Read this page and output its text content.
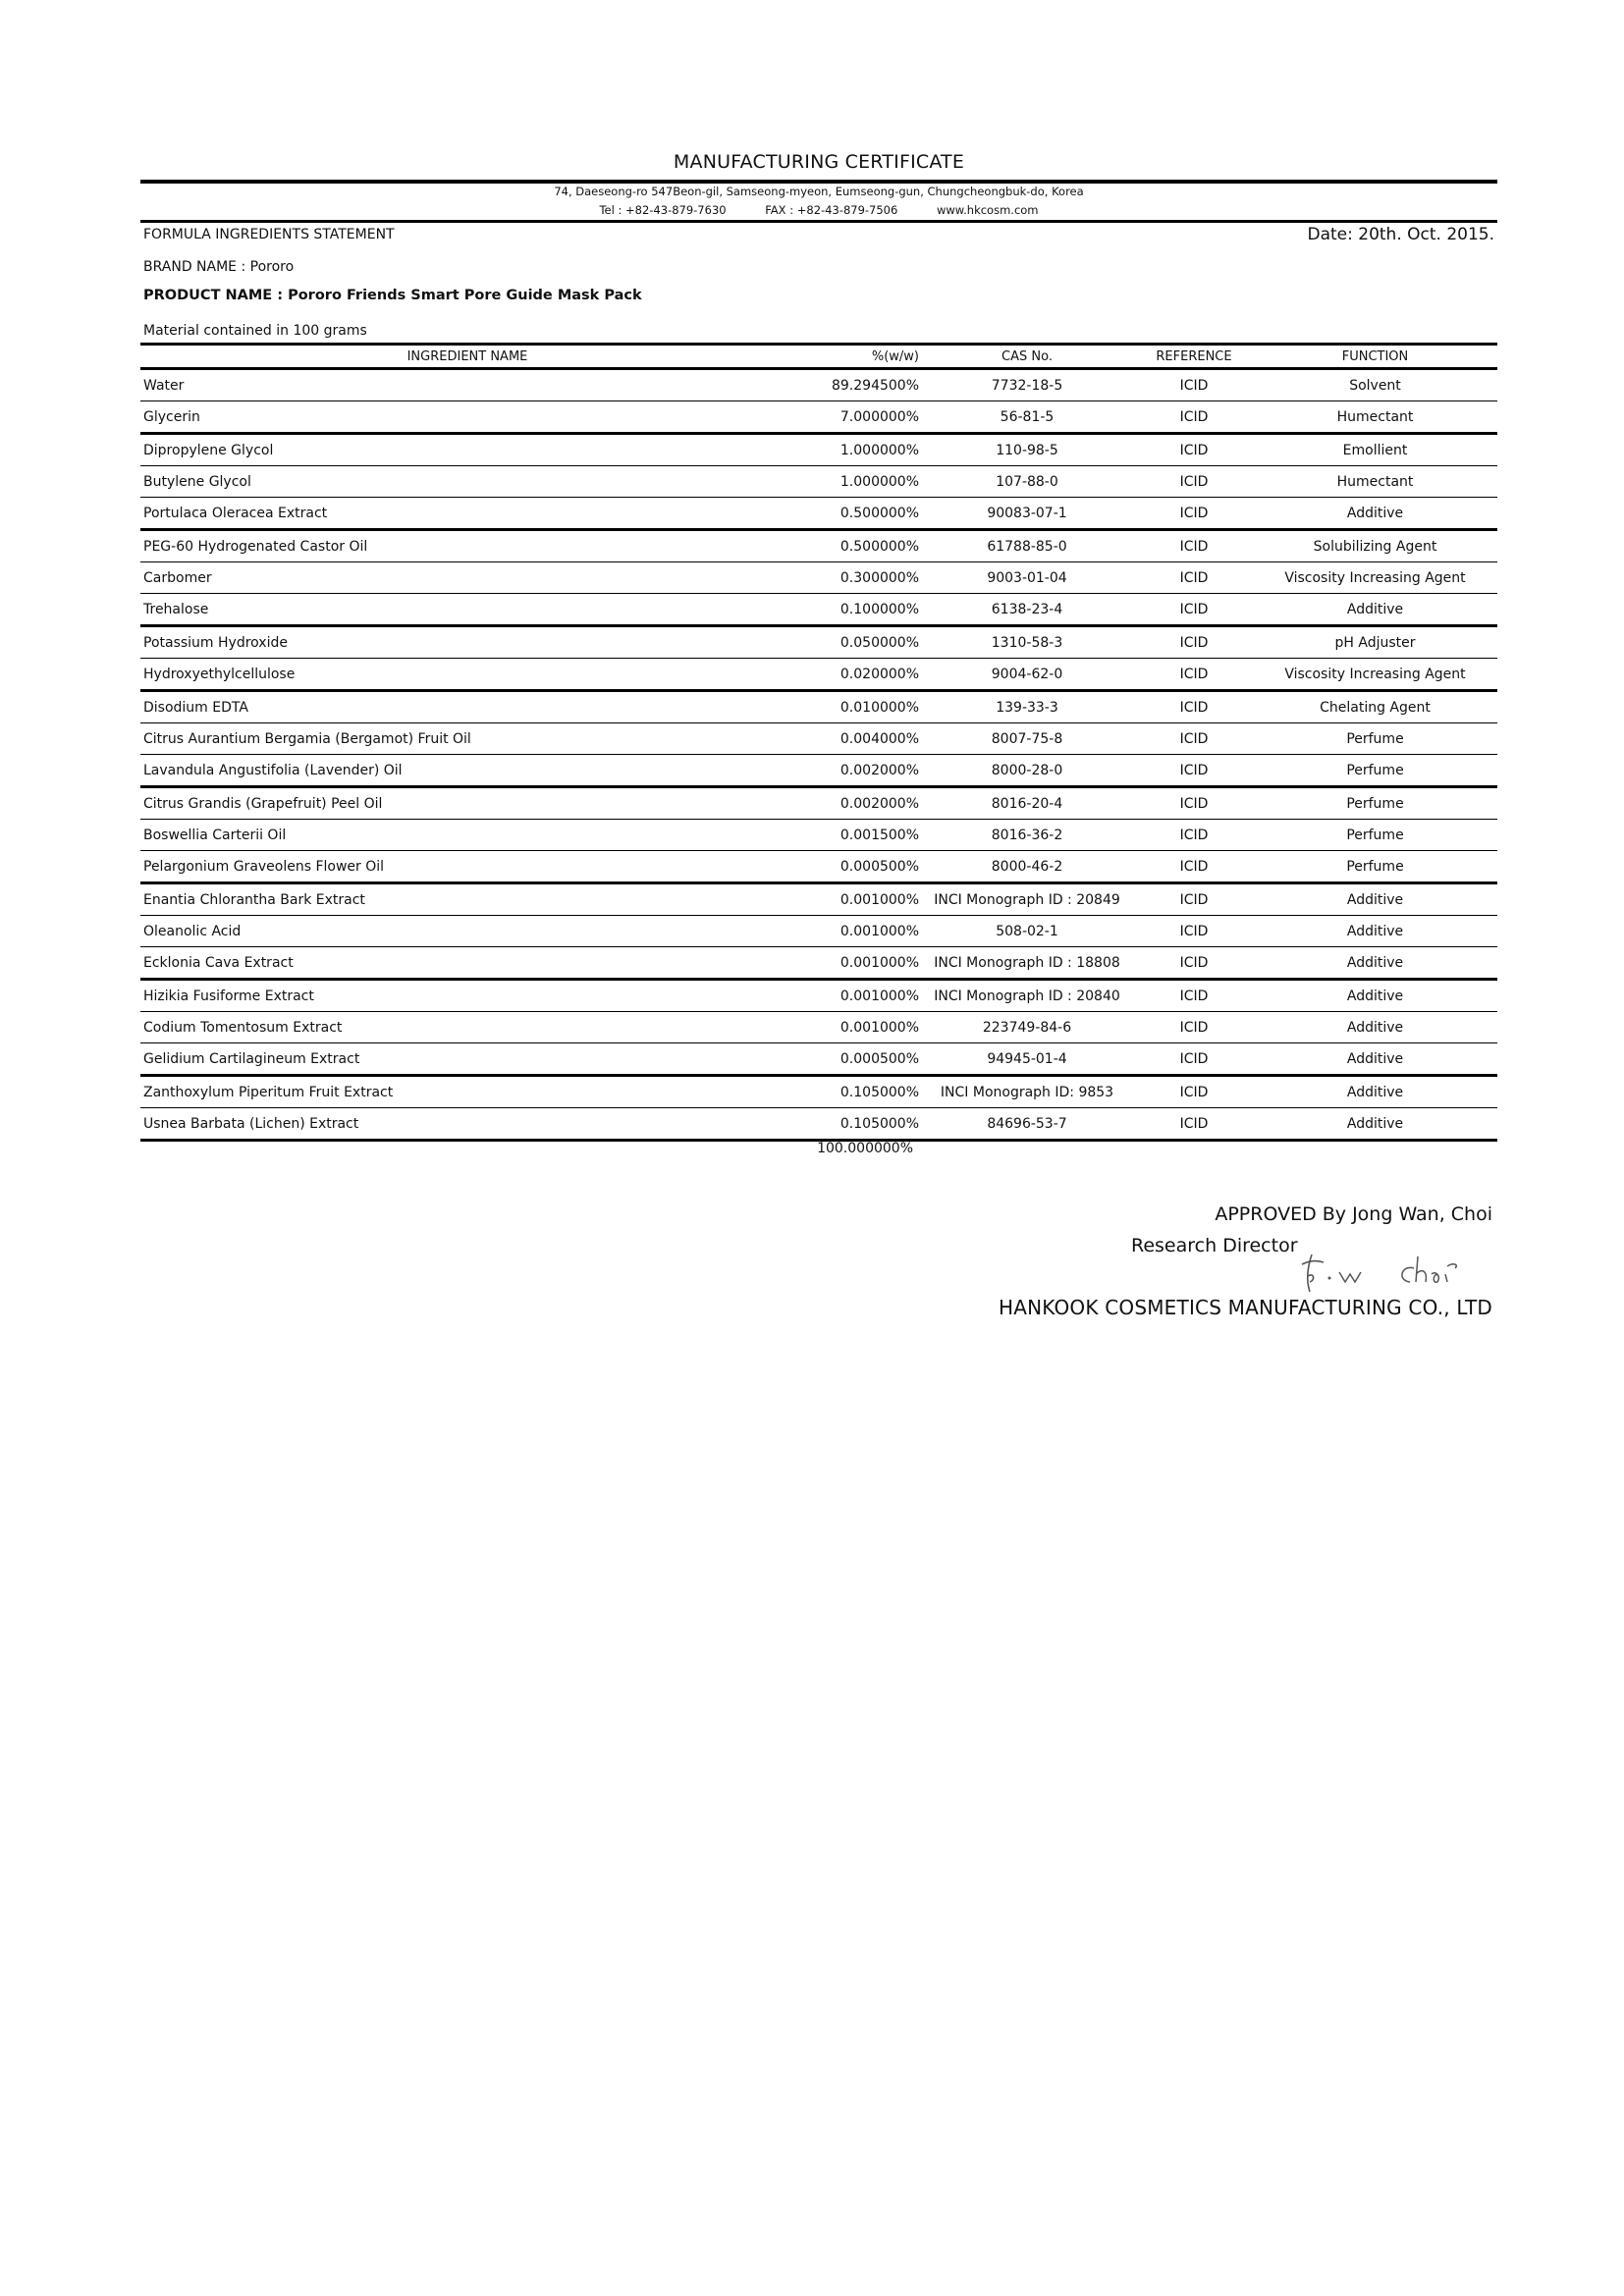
MANUFACTURING CERTIFICATE
74, Daeseong-ro 547Beon-gil, Samseong-myeon, Eumseong-gun, Chungcheongbuk-do, Korea
Tel : +82-43-879-7630	FAX : +82-43-879-7506	www.hkcosm.com
FORMULA INGREDIENTS STATEMENT	Date: 20th. Oct. 2015.
BRAND NAME : Pororo
PRODUCT NAME : Pororo Friends Smart Pore Guide Mask Pack
Material contained in 100 grams
INGREDIENT NAME	%(w/w)	CAS No.	REFERENCE	FUNCTION
Water	89.294500%	7732-18-5	ICID	Solvent
Glycerin	7.000000%	56-81-5	ICID	Humectant
Dipropylene Glycol	1.000000%	110-98-5	ICID	Emollient
Butylene Glycol	1.000000%	107-88-0	ICID	Humectant
Portulaca Oleracea Extract	0.500000%	90083-07-1	ICID	Additive
PEG-60 Hydrogenated Castor Oil	0.500000%	61788-85-0	ICID	Solubilizing Agent
Carbomer	0.300000%	9003-01-04	ICID	Viscosity Increasing Agent
Trehalose	0.100000%	6138-23-4	ICID	Additive
Potassium Hydroxide	0.050000%	1310-58-3	ICID	pH Adjuster
Hydroxyethylcellulose	0.020000%	9004-62-0	ICID	Viscosity Increasing Agent
Disodium EDTA	0.010000%	139-33-3	ICID	Chelating Agent
Citrus Aurantium Bergamia (Bergamot) Fruit Oil	0.004000%	8007-75-8	ICID	Perfume
Lavandula Angustifolia (Lavender) Oil	0.002000%	8000-28-0	ICID	Perfume
Citrus Grandis (Grapefruit) Peel Oil	0.002000%	8016-20-4	ICID	Perfume
Boswellia Carterii Oil	0.001500%	8016-36-2	ICID	Perfume
Pelargonium Graveolens Flower Oil	0.000500%	8000-46-2	ICID	Perfume
Enantia Chlorantha Bark Extract	0.001000%	INCI Monograph ID : 20849	ICID	Additive
Oleanolic Acid	0.001000%	508-02-1	ICID	Additive
Ecklonia Cava Extract	0.001000%	INCI Monograph ID : 18808	ICID	Additive
Hizikia Fusiforme Extract	0.001000%	INCI Monograph ID : 20840	ICID	Additive
Codium Tomentosum Extract	0.001000%	223749-84-6	ICID	Additive
Gelidium Cartilagineum Extract	0.000500%	94945-01-4	ICID	Additive
Zanthoxylum Piperitum Fruit Extract	0.105000%	INCI Monograph ID: 9853	ICID	Additive
Usnea Barbata (Lichen) Extract	0.105000%	84696-53-7	ICID	Additive
100.000000%
APPROVED By Jong Wan, Choi
Research Director
HANKOOK COSMETICS MANUFACTURING CO., LTD
